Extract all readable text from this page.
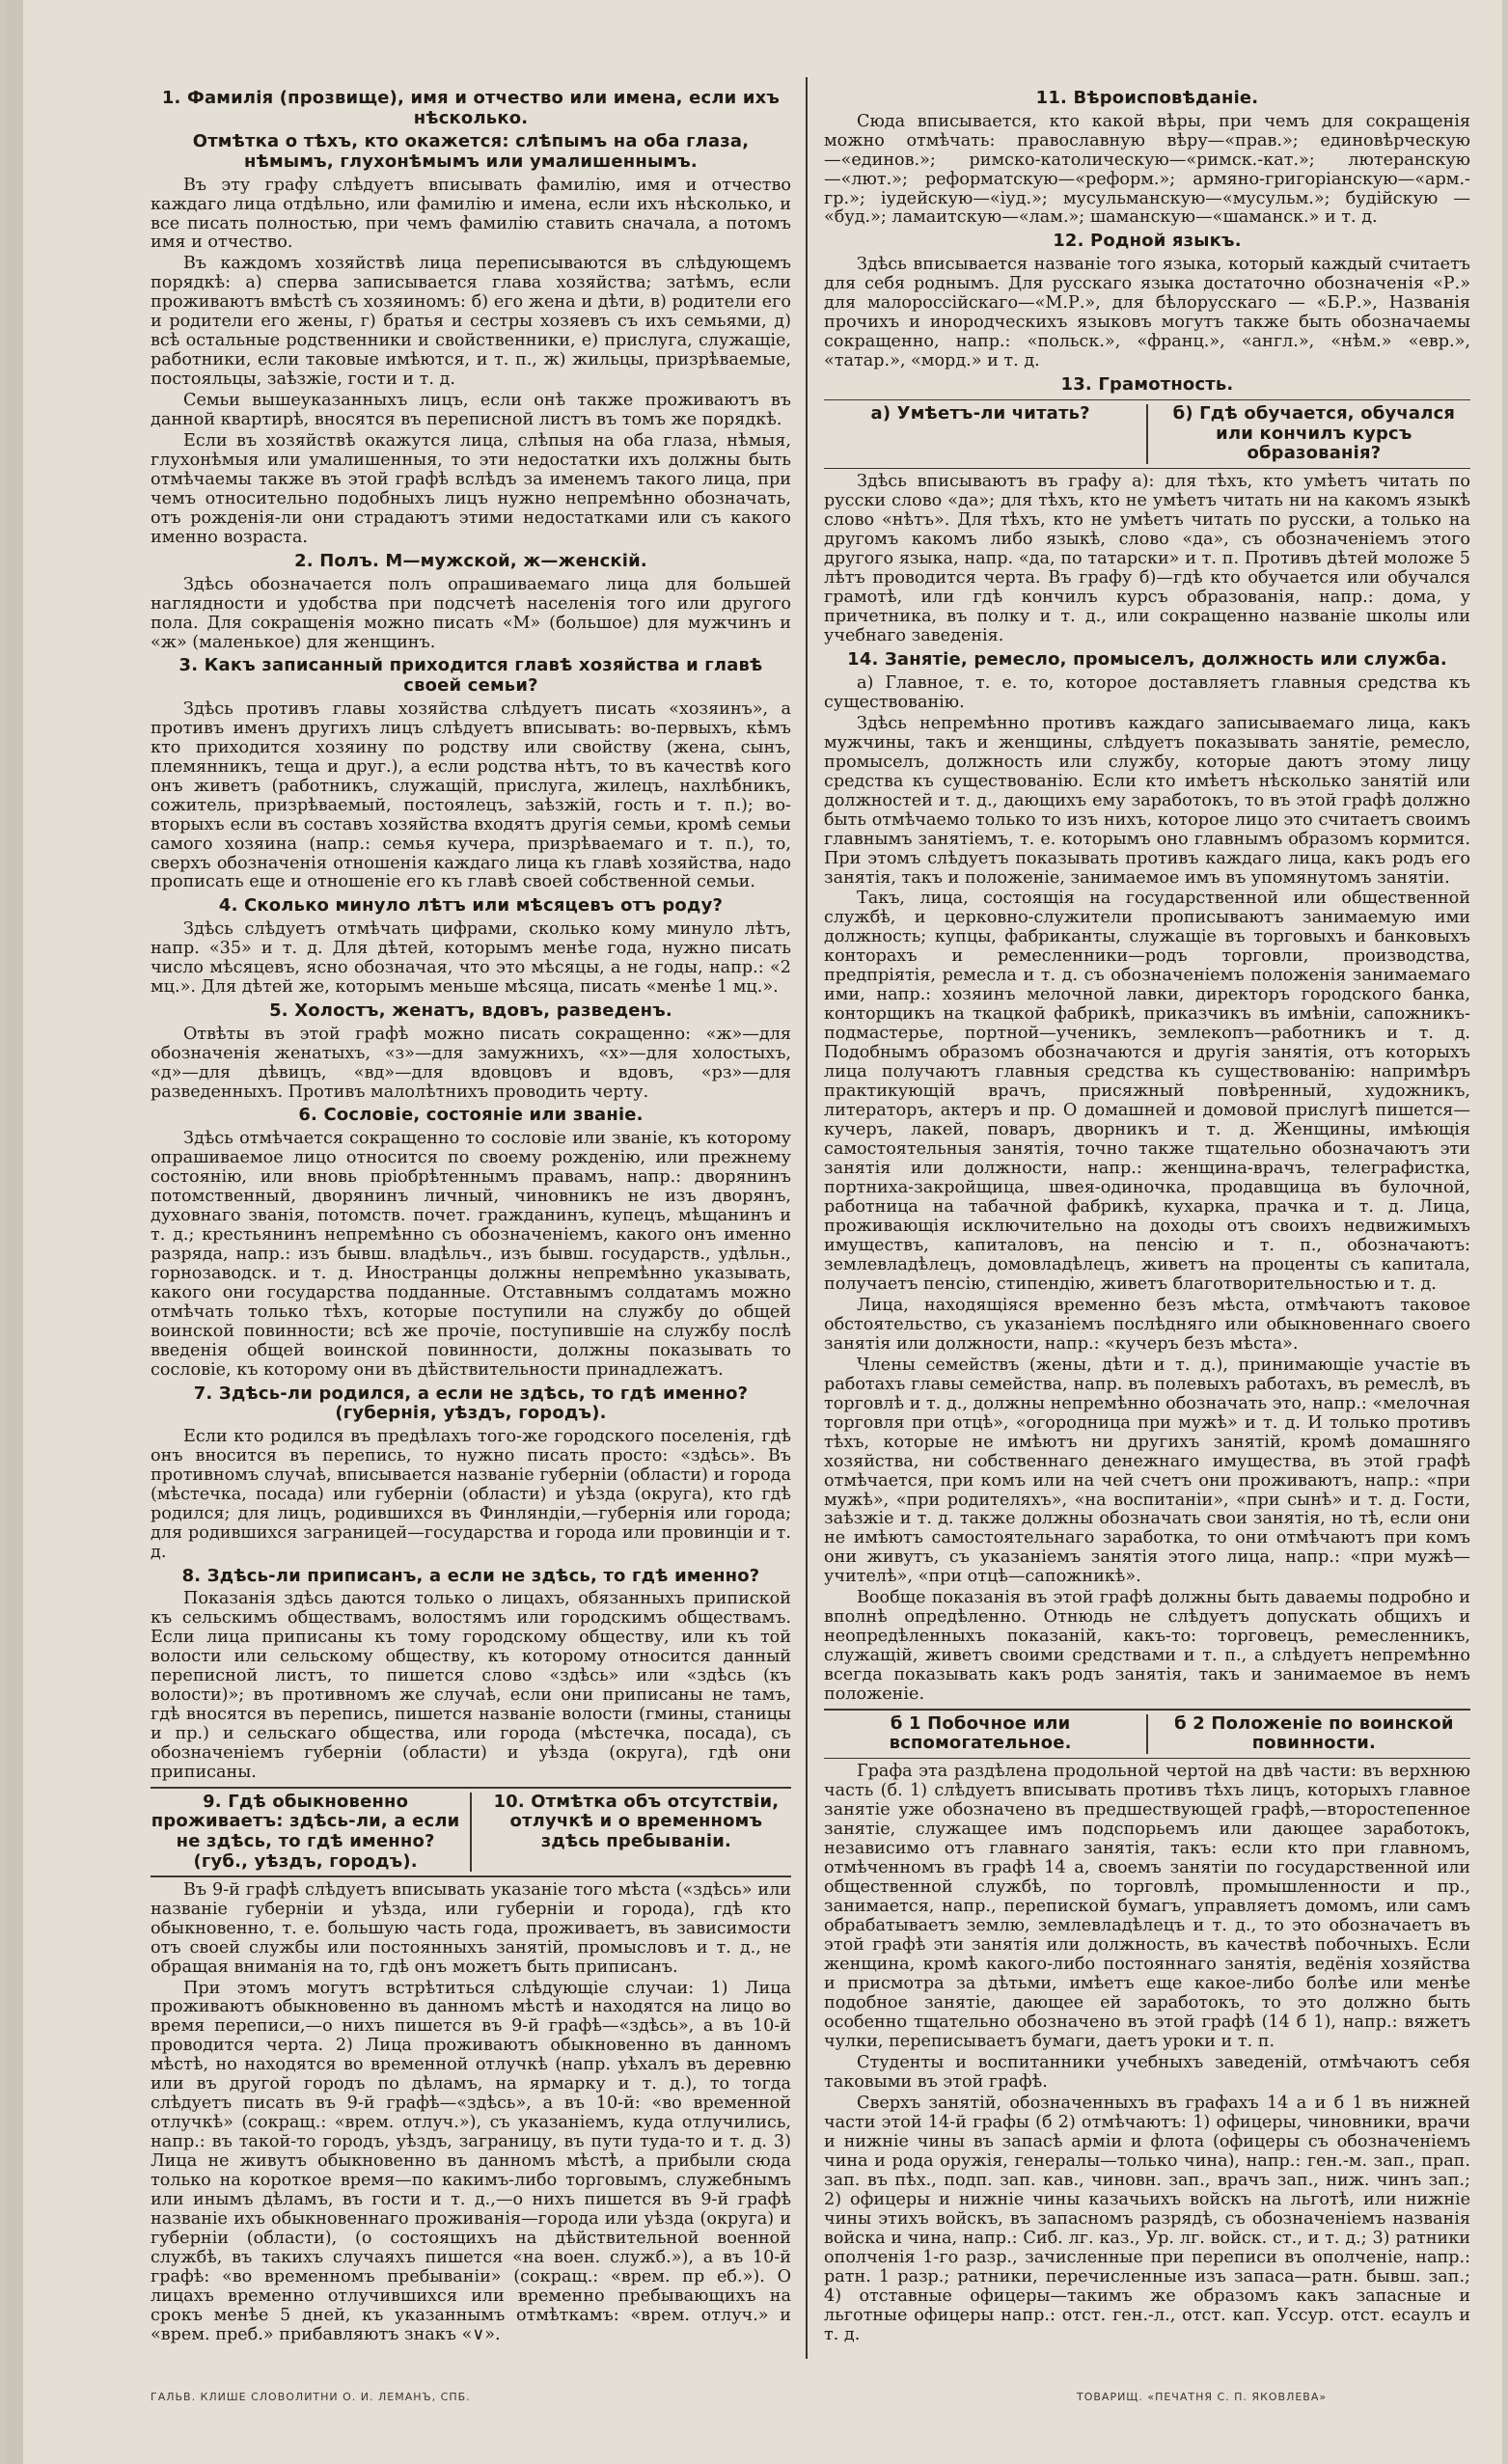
1. Фамилія (прозвище), имя и отчество или имена, если ихъ нѣсколько.
Отмѣтка о тѣхъ, кто окажется: слѣпымъ на оба глаза, нѣмымъ, глухонѣмымъ или умалишеннымъ.

Въ эту графу слѣдуетъ вписывать фамилію, имя и отчество каждаго лица отдѣльно, или фамилію и имена, если ихъ нѣсколько, и все писать полностью, при чемъ фамилію ставить сначала, а потомъ имя и отчество.

Въ каждомъ хозяйствѣ лица переписываются въ слѣдующемъ порядкѣ: а) сперва записывается глава хозяйства; затѣмъ, если проживаютъ вмѣстѣ съ хозяиномъ: б) его жена и дѣти, в) родители его и родители его жены, г) братья и сестры хозяевъ съ ихъ семьями, д) всѣ остальные родственники и свойственники, е) прислуга, служащіе, работники, если таковые имѣются, и т. п., ж) жильцы, призрѣваемые, постояльцы, заѣзжіе, гости и т. д.

Семьи вышеуказанныхъ лицъ, если онѣ также проживаютъ въ данной квартирѣ, вносятся въ переписной листъ въ томъ же порядкѣ.

Если въ хозяйствѣ окажутся лица, слѣпыя на оба глаза, нѣмыя, глухонѣмыя или умалишенныя, то эти недостатки ихъ должны быть отмѣчаемы также въ этой графѣ вслѣдъ за именемъ такого лица, при чемъ относительно подобныхъ лицъ нужно непремѣнно обозначать, отъ рожденія-ли они страдаютъ этими недостатками или съ какого именно возраста.

2. Полъ. М—мужской, ж—женскій.

Здѣсь обозначается полъ опрашиваемаго лица для большей наглядности и удобства при подсчетѣ населенія того или другого пола. Для сокращенія можно писать «М» (большое) для мужчинъ и «ж» (маленькое) для женщинъ.

3. Какъ записанный приходится главѣ хозяйства и главѣ своей семьи?

Здѣсь противъ главы хозяйства слѣдуетъ писать «хозяинъ», а противъ именъ другихъ лицъ слѣдуетъ вписывать: во-первыхъ, кѣмъ кто приходится хозяину по родству или свойству (жена, сынъ, племянникъ, теща и друг.), а если родства нѣтъ, то въ качествѣ кого онъ живетъ (работникъ, служащій, прислуга, жилецъ, нахлѣбникъ, сожитель, призрѣваемый, постоялецъ, заѣзжій, гость и т. п.); во-вторыхъ если въ составъ хозяйства входятъ другія семьи, кромѣ семьи самого хозяина (напр.: семья кучера, призрѣваемаго и т. п.), то, сверхъ обозначенія отношенія каждаго лица къ главѣ хозяйства, надо прописать еще и отношеніе его къ главѣ своей собственной семьи.

4. Сколько минуло лѣтъ или мѣсяцевъ отъ роду?

Здѣсь слѣдуетъ отмѣчать цифрами, сколько кому минуло лѣтъ, напр. «35» и т. д. Для дѣтей, которымъ менѣе года, нужно писать число мѣсяцевъ, ясно обозначая, что это мѣсяцы, а не годы, напр.: «2 мц.». Для дѣтей же, которымъ меньше мѣсяца, писать «менѣе 1 мц.».

5. Холостъ, женатъ, вдовъ, разведенъ.

Отвѣты въ этой графѣ можно писать сокращенно: «ж»—для обозначенія женатыхъ, «з»—для замужнихъ, «х»—для холостыхъ, «д»—для дѣвицъ, «вд»—для вдовцовъ и вдовъ, «рз»—для разведенныхъ. Противъ малолѣтнихъ проводить черту.

6. Сословіе, состояніе или званіе.

Здѣсь отмѣчается сокращенно то сословіе или званіе, къ которому опрашиваемое лицо относится по своему рожденію, или прежнему состоянію, или вновь пріобрѣтеннымъ правамъ, напр.: дворянинъ потомственный, дворянинъ личный, чиновникъ не изъ дворянъ, духовнаго званія, потомств. почет. гражданинъ, купецъ, мѣщанинъ и т. д.; крестьянинъ непремѣнно съ обозначеніемъ, какого онъ именно разряда, напр.: изъ бывш. владѣльч., изъ бывш. государств., удѣльн., горнозаводск. и т. д. Иностранцы должны непремѣнно указывать, какого они государства подданные. Отставнымъ солдатамъ можно отмѣчать только тѣхъ, которые поступили на службу до общей воинской повинности; всѣ же прочіе, поступившіе на службу послѣ введенія общей воинской повинности, должны показывать то сословіе, къ которому они въ дѣйствительности принадлежатъ.

7. Здѣсь-ли родился, а если не здѣсь, то гдѣ именно? (губернія, уѣздъ, городъ).

Если кто родился въ предѣлахъ того-же городского поселенія, гдѣ онъ вносится въ перепись, то нужно писать просто: «здѣсь». Въ противномъ случаѣ, вписывается названіе губерніи (области) и города (мѣстечка, посада) или губерніи (области) и уѣзда (округа), кто гдѣ родился; для лицъ, родившихся въ Финляндіи,—губернія или города; для родившихся заграницей—государства и города или провинціи и т. д.

8. Здѣсь-ли приписанъ, а если не здѣсь, то гдѣ именно?

Показанія здѣсь даются только о лицахъ, обязанныхъ припиской къ сельскимъ обществамъ, волостямъ или городскимъ обществамъ. Если лица приписаны къ тому городскому обществу, или къ той волости или сельскому обществу, къ которому относится данный переписной листъ, то пишется слово «здѣсь» или «здѣсь (къ волости)»; въ противномъ же случаѣ, если они приписаны не тамъ, гдѣ вносятся въ перепись, пишется названіе волости (гмины, станицы и пр.) и сельскаго общества, или города (мѣстечка, посада), съ обозначеніемъ губерніи (области) и уѣзда (округа), гдѣ они приписаны.

9. Гдѣ обыкновенно проживаетъ: здѣсь-ли, а если не здѣсь, то гдѣ именно? (губ., уѣздъ, городъ).
10. Отмѣтка объ отсутствіи, отлучкѣ и о временномъ здѣсь пребываніи.

Въ 9-й графѣ слѣдуетъ вписывать указаніе того мѣста («здѣсь» или названіе губерніи и уѣзда, или губерніи и города), гдѣ кто обыкновенно, т. е. большую часть года, проживаетъ, въ зависимости отъ своей службы или постоянныхъ занятій, промысловъ и т. д., не обращая вниманія на то, гдѣ онъ можетъ быть приписанъ.

При этомъ могутъ встрѣтиться слѣдующіе случаи: 1) Лица проживаютъ обыкновенно въ данномъ мѣстѣ и находятся на лицо во время переписи,—о нихъ пишется въ 9-й графѣ—«здѣсь», а въ 10-й проводится черта. 2) Лица проживаютъ обыкновенно въ данномъ мѣстѣ, но находятся во временной отлучкѣ (напр. уѣхалъ въ деревню или въ другой городъ по дѣламъ, на ярмарку и т. д.), то тогда слѣдуетъ писать въ 9-й графѣ—«здѣсь», а въ 10-й: «во временной отлучкѣ» (сокращ.: «врем. отлуч.»), съ указаніемъ, куда отлучились, напр.: въ такой-то городъ, уѣздъ, заграницу, въ пути туда-то и т. д. 3) Лица не живутъ обыкновенно въ данномъ мѣстѣ, а прибыли сюда только на короткое время—по какимъ-либо торговымъ, служебнымъ или инымъ дѣламъ, въ гости и т. д.,—о нихъ пишется въ 9-й графѣ названіе ихъ обыкновеннаго проживанія—города или уѣзда (округа) и губерніи (области), (о состоящихъ на дѣйствительной военной службѣ, въ такихъ случаяхъ пишется «на воен. служб.»), а въ 10-й графѣ: «во временномъ пребываніи» (сокращ.: «врем. пр еб.»). О лицахъ временно отлучившихся или временно пребывающихъ на срокъ менѣе 5 дней, къ указаннымъ отмѣткамъ: «врем. отлуч.» и «врем. преб.» прибавляютъ знакъ «∨».

11. Вѣроисповѣданіе.

Сюда вписывается, кто какой вѣры, при чемъ для сокращенія можно отмѣчать: православную вѣру—«прав.»; единовѣрческую—«единов.»; римско-католическую—«римск.-кат.»; лютеранскую—«лют.»; реформатскую—«реформ.»; армяно-григоріанскую—«арм.-гр.»; іудейскую—«іуд.»; мусульманскую—«мусульм.»; будійскую — «буд.»; ламаитскую—«лам.»; шаманскую—«шаманск.» и т. д.

12. Родной языкъ.

Здѣсь вписывается названіе того языка, который каждый считаетъ для себя роднымъ. Для русскаго языка достаточно обозначенія «Р.» для малороссійскаго—«М.Р.», для бѣлорусскаго — «Б.Р.», Названія прочихъ и инородческихъ языковъ могутъ также быть обозначаемы сокращенно, напр.: «польск.», «франц.», «англ.», «нѣм.» «евр.», «татар.», «морд.» и т. д.

13. Грамотность.
а) Умѣетъ-ли читать?	б) Гдѣ обучается, обучался или кончилъ курсъ образованія?

Здѣсь вписываютъ въ графу а): для тѣхъ, кто умѣетъ читать по русски слово «да»; для тѣхъ, кто не умѣетъ читать ни на какомъ языкѣ слово «нѣтъ». Для тѣхъ, кто не умѣетъ читать по русски, а только на другомъ какомъ либо языкѣ, слово «да», съ обозначеніемъ этого другого языка, напр. «да, по татарски» и т. п. Противъ дѣтей моложе 5 лѣтъ проводится черта. Въ графу б)—гдѣ кто обучается или обучался грамотѣ, или гдѣ кончилъ курсъ образованія, напр.: дома, у причетника, въ полку и т. д., или сокращенно названіе школы или учебнаго заведенія.

14. Занятіе, ремесло, промыселъ, должность или служба.

а) Главное, т. е. то, которое доставляетъ главныя средства къ существованію.

Здѣсь непремѣнно противъ каждаго записываемаго лица, какъ мужчины, такъ и женщины, слѣдуетъ показывать занятіе, ремесло, промыселъ, должность или службу, которые даютъ этому лицу средства къ существованію. Если кто имѣетъ нѣсколько занятій или должностей и т. д., дающихъ ему заработокъ, то въ этой графѣ должно быть отмѣчаемо только то изъ нихъ, которое лицо это считаетъ своимъ главнымъ занятіемъ, т. е. которымъ оно главнымъ образомъ кормится. При этомъ слѣдуетъ показывать противъ каждаго лица, какъ родъ его занятія, такъ и положеніе, занимаемое имъ въ упомянутомъ занятіи.

Такъ, лица, состоящія на государственной или общественной службѣ, и церковно-служители прописываютъ занимаемую ими должность; купцы, фабриканты, служащіе въ торговыхъ и банковыхъ конторахъ и ремесленники—родъ торговли, производства, предпріятія, ремесла и т. д. съ обозначеніемъ положенія занимаемаго ими, напр.: хозяинъ мелочной лавки, директоръ городского банка, конторщикъ на ткацкой фабрикѣ, приказчикъ въ имѣніи, сапожникъ-подмастерье, портной—ученикъ, землекопъ—работникъ и т. д. Подобнымъ образомъ обозначаются и другія занятія, отъ которыхъ лица получаютъ главныя средства къ существованію: напримѣръ практикующій врачъ, присяжный повѣренный, художникъ, литераторъ, актеръ и пр. О домашней и домовой прислугѣ пишется—кучеръ, лакей, поваръ, дворникъ и т. д. Женщины, имѣющія самостоятельныя занятія, точно также тщательно обозначаютъ эти занятія или должности, напр.: женщина-врачъ, телеграфистка, портниха-закройщица, швея-одиночка, продавщица въ булочной, работница на табачной фабрикѣ, кухарка, прачка и т. д. Лица, проживающія исключительно на доходы отъ своихъ недвижимыхъ имуществъ, капиталовъ, на пенсію и т. п., обозначаютъ: землевладѣлецъ, домовладѣлецъ, живетъ на проценты съ капитала, получаетъ пенсію, стипендію, живетъ благотворительностью и т. д.

Лица, находящіяся временно безъ мѣста, отмѣчаютъ таковое обстоятельство, съ указаніемъ послѣдняго или обыкновеннаго своего занятія или должности, напр.: «кучеръ безъ мѣста».

Члены семействъ (жены, дѣти и т. д.), принимающіе участіе въ работахъ главы семейства, напр. въ полевыхъ работахъ, въ ремеслѣ, въ торговлѣ и т. д., должны непремѣнно обозначать это, напр.: «мелочная торговля при отцѣ», «огородница при мужѣ» и т. д. И только противъ тѣхъ, которые не имѣютъ ни другихъ занятій, кромѣ домашняго хозяйства, ни собственнаго денежнаго имущества, въ этой графѣ отмѣчается, при комъ или на чей счетъ они проживаютъ, напр.: «при мужѣ», «при родителяхъ», «на воспитаніи», «при сынѣ» и т. д. Гости, заѣзжіе и т. д. также должны обозначать свои занятія, но тѣ, если они не имѣютъ самостоятельнаго заработка, то они отмѣчаютъ при комъ они живутъ, съ указаніемъ занятія этого лица, напр.: «при мужѣ—учителѣ», «при отцѣ—сапожникѣ».

Вообще показанія въ этой графѣ должны быть даваемы подробно и вполнѣ опредѣленно. Отнюдь не слѣдуетъ допускать общихъ и неопредѣленныхъ показаній, какъ-то: торговецъ, ремесленникъ, служащій, живетъ своими средствами и т. п., а слѣдуетъ непремѣнно всегда показывать какъ родъ занятія, такъ и занимаемое въ немъ положеніе.

б 1 Побочное или вспомогательное.
б 2 Положеніе по воинской повинности.

Графа эта раздѣлена продольной чертой на двѣ части: въ верхнюю часть (б. 1) слѣдуетъ вписывать противъ тѣхъ лицъ, которыхъ главное занятіе уже обозначено въ предшествующей графѣ,—второстепенное занятіе, служащее имъ подспорьемъ или дающее заработокъ, независимо отъ главнаго занятія, такъ: если кто при главномъ, отмѣченномъ въ графѣ 14 а, своемъ занятіи по государственной или общественной службѣ, по торговлѣ, промышленности и пр., занимается, напр., перепиской бумагъ, управляетъ домомъ, или самъ обрабатываетъ землю, землевладѣлецъ и т. д., то это обозначаетъ въ этой графѣ эти занятія или должность, въ качествѣ побочныхъ. Если женщина, кромѣ какого-либо постояннаго занятія, ведёнія хозяйства и присмотра за дѣтьми, имѣетъ еще какое-либо болѣе или менѣе подобное занятіе, дающее ей заработокъ, то это должно быть особенно тщательно обозначено въ этой графѣ (14 б 1), напр.: вяжетъ чулки, переписываетъ бумаги, даетъ уроки и т. п.

Студенты и воспитанники учебныхъ заведеній, отмѣчаютъ себя таковыми въ этой графѣ.

Сверхъ занятій, обозначенныхъ въ графахъ 14 а и б 1 въ нижней части этой 14-й графы (б 2) отмѣчаютъ: 1) офицеры, чиновники, врачи и нижніе чины въ запасѣ арміи и флота (офицеры съ обозначеніемъ чина и рода оружія, генералы—только чина), напр.: ген.-м. зап., прап. зап. въ пѣх., подп. зап. кав., чиновн. зап., врачъ зап., ниж. чинъ зап.; 2) офицеры и нижніе чины казачьихъ войскъ на льготѣ, или нижніе чины этихъ войскъ, въ запасномъ разрядѣ, съ обозначеніемъ названія войска и чина, напр.: Сиб. лг. каз., Ур. лг. войск. ст., и т. д.; 3) ратники ополченія 1-го разр., зачисленные при переписи въ ополченіе, напр.: ратн. 1 разр.; ратники, перечисленные изъ запаса—ратн. бывш. зап.; 4) отставные офицеры—такимъ же образомъ какъ запасные и льготные офицеры напр.: отст. ген.-л., отст. кап. Уссур. отст. есаулъ и т. д.

ГАЛЬВ. КЛИШЕ СЛОВОЛИТНИ О. И. ЛЕМАНЪ, СПБ.	ТОВАРИЩ. «ПЕЧАТНЯ С. П. ЯКОВЛЕВА»
